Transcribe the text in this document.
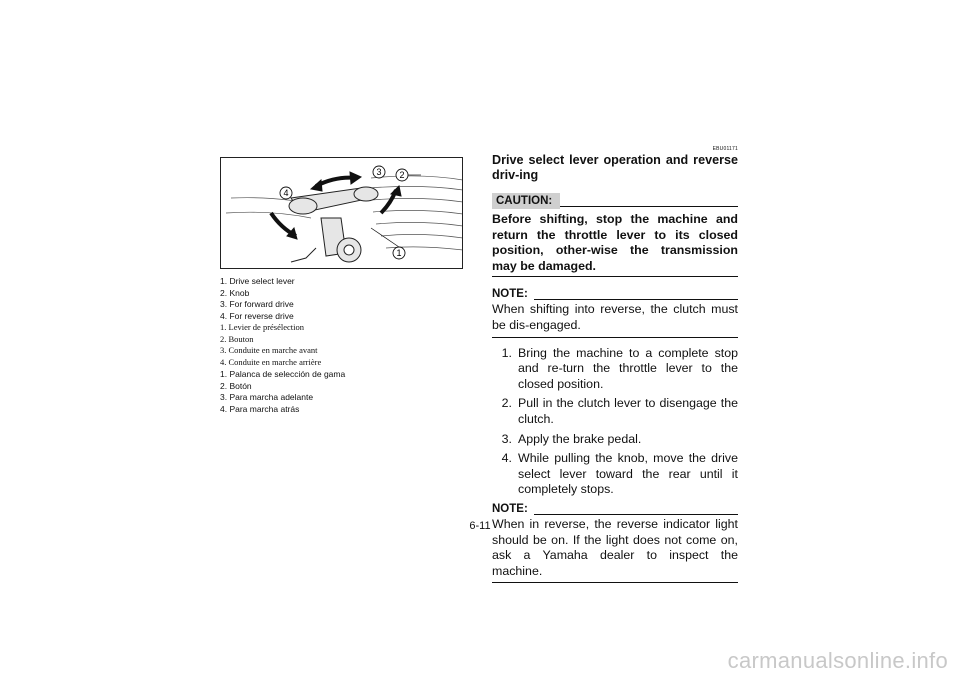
3 2
4
1
1. Drive select lever
2. Knob
3. For forward drive
4. For reverse drive
1. Levier de présélection
2. Bouton
3. Conduite en marche avant
4. Conduite en marche arrière
1. Palanca de selección de gama
2. Botón
3. Para marcha adelante
4. Para marcha atrás
EBU01171
Drive select lever operation and reverse driv-ing
CAUTION:
Before shifting, stop the machine and return the throttle lever to its closed position, other-wise the transmission may be damaged.
NOTE:
When shifting into reverse, the clutch must be dis-engaged.
1. Bring the machine to a complete stop and re-turn the throttle lever to the closed position.
2. Pull in the clutch lever to disengage the clutch.
3. Apply the brake pedal.
4. While pulling the knob, move the drive select lever toward the rear until it completely stops.
NOTE:
When in reverse, the reverse indicator light should be on. If the light does not come on, ask a Yamaha dealer to inspect the machine.
6-11
carmanualsonline.info
